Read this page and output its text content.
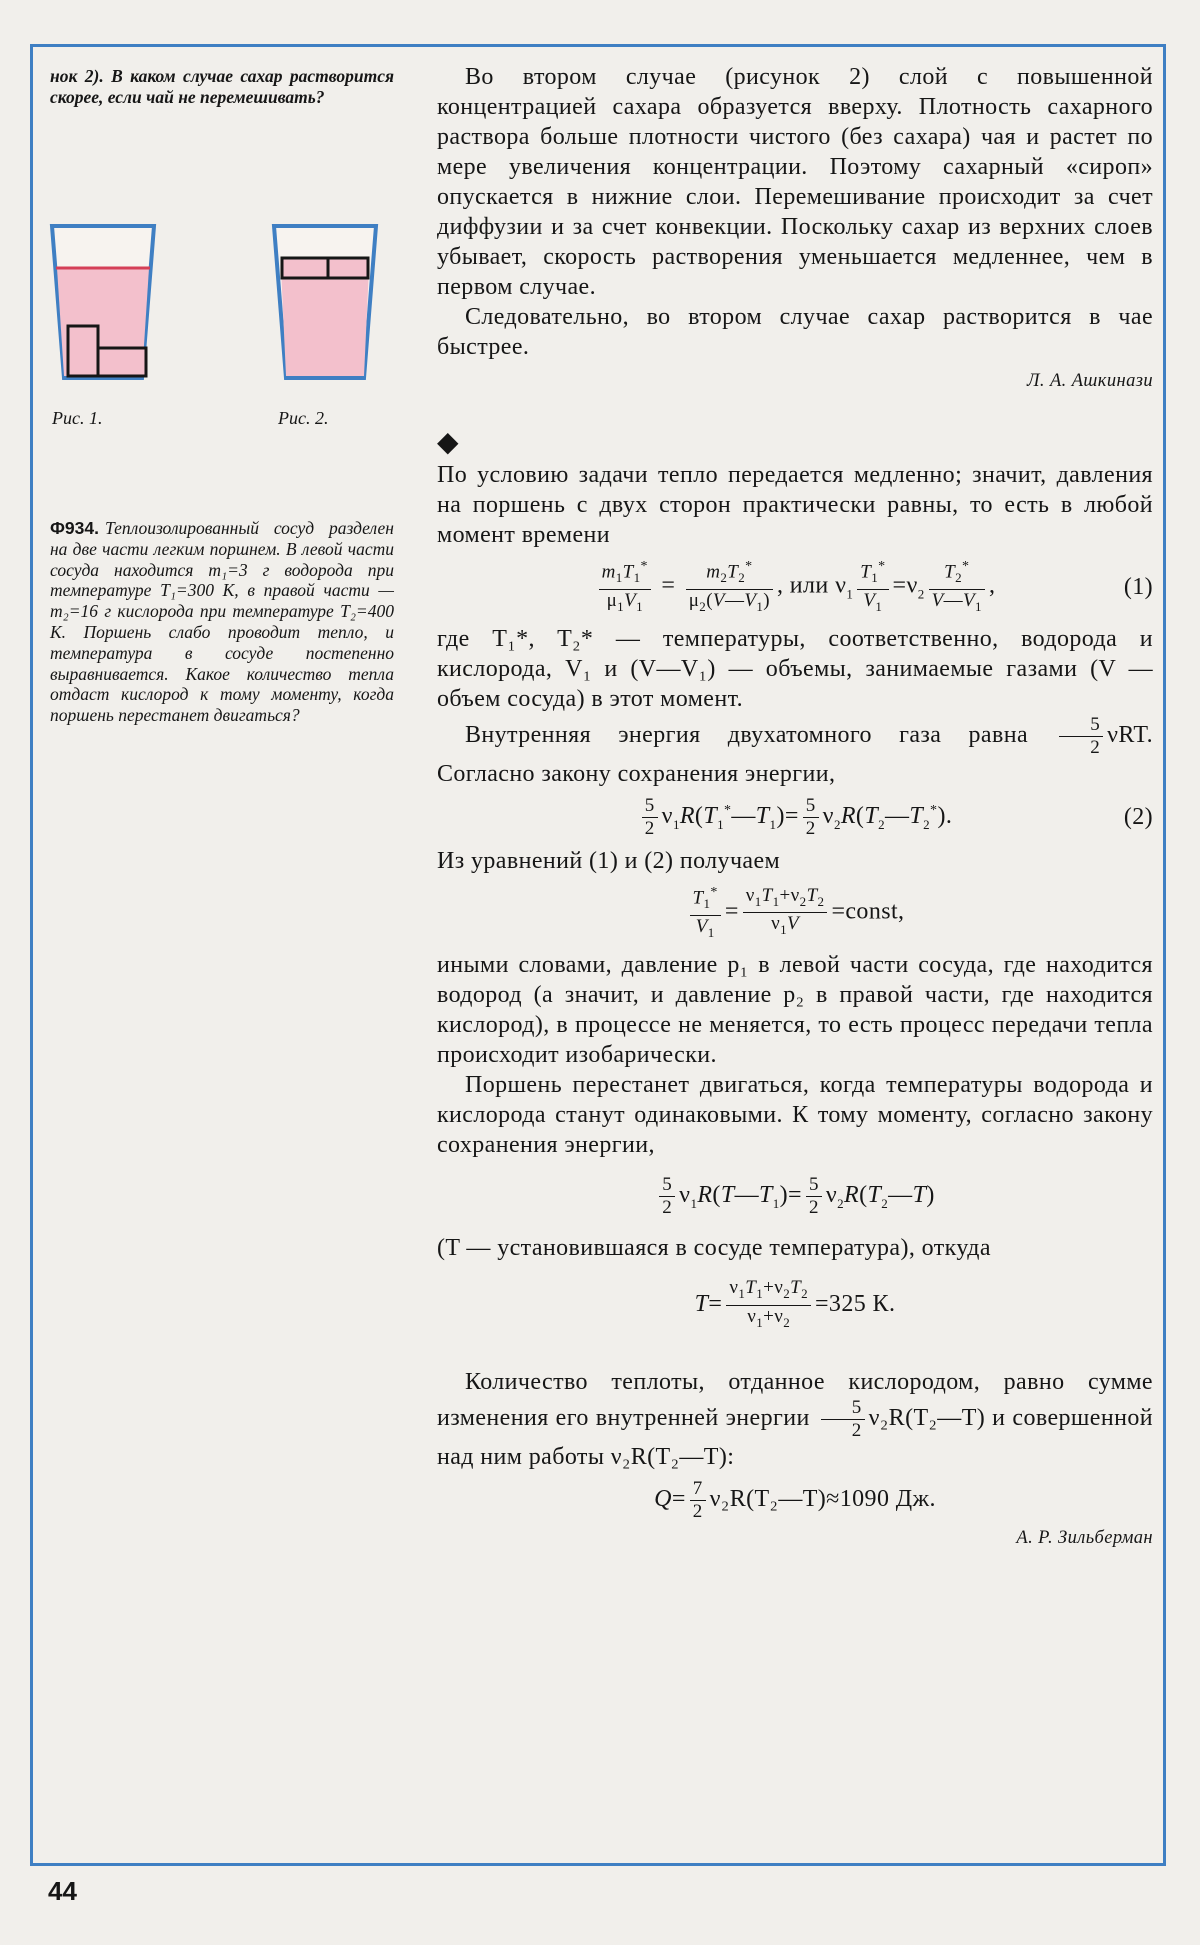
нок 2). В каком случае сахар растворится скорее, если чай не перемешивать?

Рис. 1.	Рис. 2.
Ф934. Теплоизолированный сосуд разделен на две части легким поршнем. В левой части сосуда находится m₁=3 г водорода при температуре T₁=300 К, в правой части — m₂=16 г кислорода при температуре T₂=400 К. Поршень слабо проводит тепло, и температура в сосуде постепенно выравнивается. Какое количество тепла отдаст кислород к тому моменту, когда поршень перестанет двигаться?

Во втором случае (рисунок 2) слой с повышенной концентрацией сахара образуется вверху. Плотность сахарного раствора больше плотности чистого (без сахара) чая и растет по мере увеличения концентрации. Поэтому сахарный «сироп» опускается в нижние слои. Перемешивание происходит за счет диффузии и за счет конвекции. Поскольку сахар из верхних слоев убывает, скорость растворения уменьшается медленнее, чем в первом случае.

Следовательно, во втором случае сахар растворится в чае быстрее.

Л. А. Ашкинази

◆

По условию задачи тепло передается медленно; значит, давления на поршень с двух сторон практически равны, то есть в любой момент времени

$\frac{m_1T_1^*}{\mu_1V_1} = \frac{m_2T_2^*}{\mu_2(V—V_1)}$ , или $\nu_1 \frac{T_1^*}{V_1} =\nu_2 \frac{T_2^*}{V—V_1}$ ,	(1)

где T₁*, T₂* — температуры, соответственно, водорода и кислорода, V₁ и (V—V₁) — объемы, занимаемые газами (V — объем сосуда) в этот момент.

Внутренняя энергия двухатомного газа равна $\frac{5}{2} \nu RT$. Согласно закону сохранения энергии,

$\frac{5}{2}$ $\nu_1R(T_1^*—T_1)= \frac{5}{2}$ $\nu_2R(T_2—T_2^*)$.	(2)

Из уравнений (1) и (2) получаем

$\frac{T_1^*}{V_1} = \frac{\nu_1T_1+\nu_2T_2}{\nu_1V}$ =const,

иными словами, давление p₁ в левой части сосуда, где находится водород (а значит, и давление p₂ в правой части, где находится кислород), в процессе не меняется, то есть процесс передачи тепла происходит изобарически.

Поршень перестанет двигаться, когда температуры водорода и кислорода станут одинаковыми. К тому моменту, согласно закону сохранения энергии,

$\frac{5}{2}$ $\nu_1R(T—T_1)= \frac{5}{2}$ $\nu_2R(T_2—T)$

(T — установившаяся в сосуде температура), откуда

$T= \frac{\nu_1T_1+\nu_2T_2}{\nu_1+\nu_2} =325$ К.

Количество теплоты, отданное кислородом, равно сумме изменения его внутренней энергии $\frac{5}{2}$ ν₂R(T₂—T) и совершенной над ним работы ν₂R(T₂—T):

$Q= \frac{7}{2}$ ν₂R(T₂—T)≈1090 Дж.

А. Р. Зильберман

44
